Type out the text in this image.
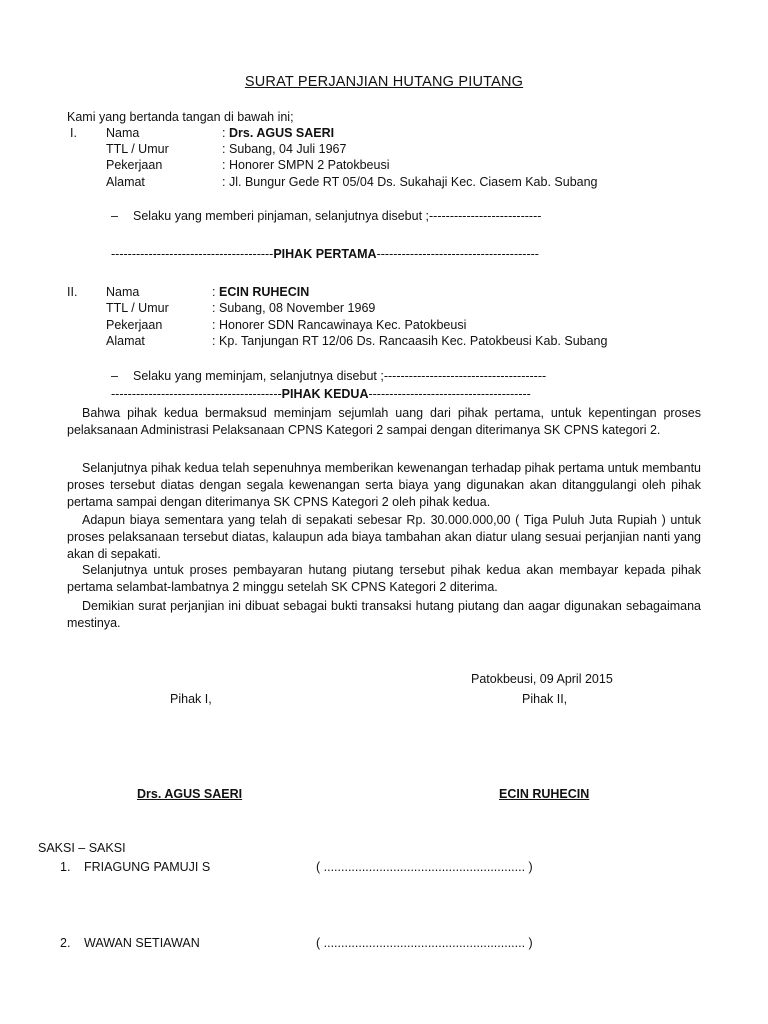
SURAT PERJANJIAN HUTANG PIUTANG
Kami yang bertanda tangan di bawah ini;
I. Nama	: Drs. AGUS SAERI
TTL / Umur	: Subang, 04 Juli 1967
Pekerjaan	: Honorer SMPN 2 Patokbeusi
Alamat	: Jl. Bungur Gede RT 05/04 Ds. Sukahaji Kec. Ciasem Kab. Subang
– Selaku yang memberi pinjaman, selanjutnya disebut ;---------------------------
---------------------------------------PIHAK PERTAMA---------------------------------------
II. Nama	: ECIN RUHECIN
TTL / Umur	: Subang, 08 November 1969
Pekerjaan	: Honorer SDN Rancawinaya Kec. Patokbeusi
Alamat	: Kp. Tanjungan RT 12/06 Ds. Rancaasih Kec. Patokbeusi Kab. Subang
– Selaku yang meminjam, selanjutnya disebut ;---------------------------------------
-----------------------------------------PIHAK KEDUA---------------------------------------

Bahwa pihak kedua bermaksud meminjam sejumlah uang dari pihak pertama, untuk kepentingan proses pelaksanaan Administrasi Pelaksanaan CPNS Kategori 2 sampai dengan diterimanya SK CPNS kategori 2.

Selanjutnya pihak kedua telah sepenuhnya memberikan kewenangan terhadap pihak pertama untuk membantu proses tersebut diatas dengan segala kewenangan serta biaya yang digunakan akan ditanggulangi oleh pihak pertama sampai dengan diterimanya SK CPNS Kategori 2 oleh pihak kedua.

Adapun biaya sementara yang telah di sepakati sebesar Rp. 30.000.000,00 ( Tiga Puluh Juta Rupiah ) untuk proses pelaksanaan tersebut diatas, kalaupun ada biaya tambahan akan diatur ulang sesuai perjanjian nanti yang akan di sepakati.

Selanjutnya untuk proses pembayaran hutang piutang tersebut pihak kedua akan membayar kepada pihak pertama selambat-lambatnya 2 minggu setelah SK CPNS Kategori 2 diterima.

Demikian surat perjanjian ini dibuat sebagai bukti transaksi hutang piutang dan aagar digunakan sebagaimana mestinya.

Patokbeusi, 09 April 2015
Pihak I,	Pihak II,
Drs. AGUS SAERI	ECIN RUHECIN
SAKSI – SAKSI
1. FRIAGUNG PAMUJI S	( .......................................................... )
2. WAWAN SETIAWAN	( .......................................................... )
